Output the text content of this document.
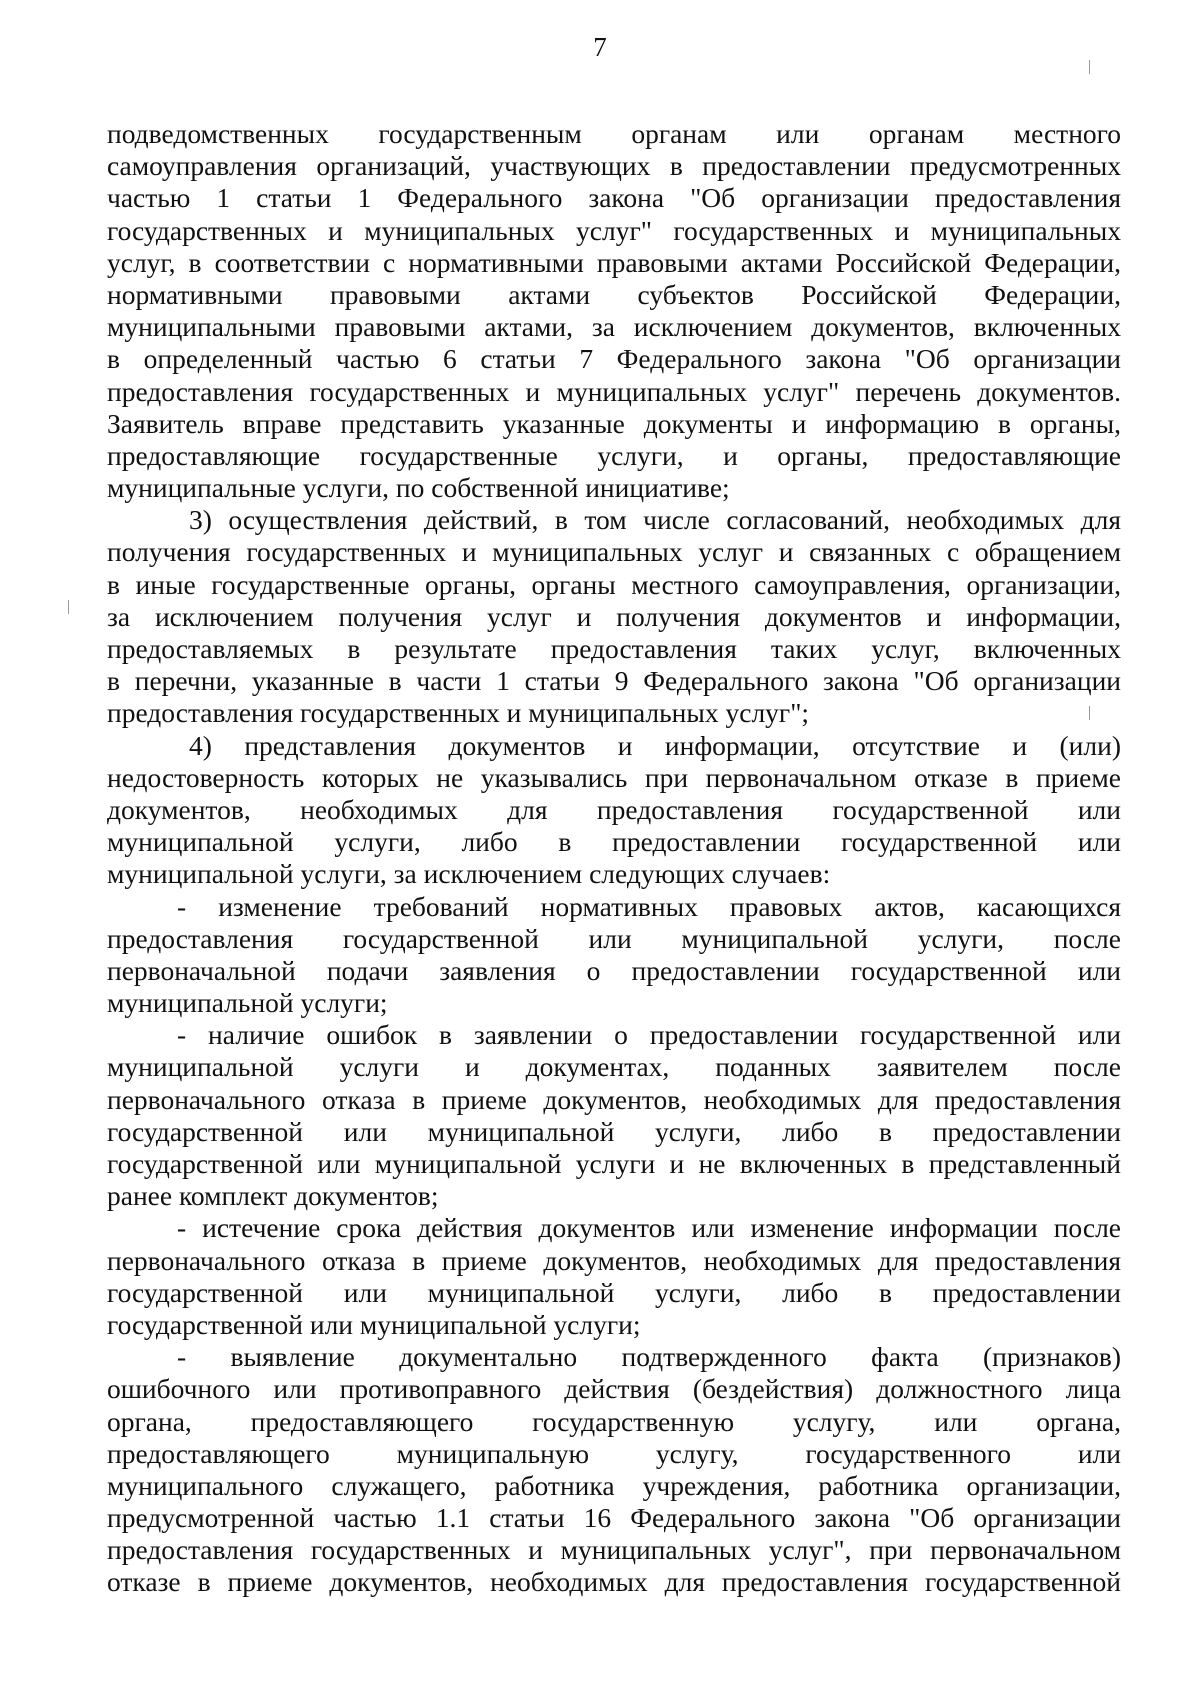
7
подведомственных государственным органам или органам местного
самоуправления организаций, участвующих в предоставлении предусмотренных
частью 1 статьи 1 Федерального закона "Об организации предоставления
государственных и муниципальных услуг" государственных и муниципальных
услуг, в соответствии с нормативными правовыми актами Российской Федерации,
нормативными правовыми актами субъектов Российской Федерации,
муниципальными правовыми актами, за исключением документов, включенных
в определенный частью 6 статьи 7 Федерального закона "Об организации
предоставления государственных и муниципальных услуг" перечень документов.
Заявитель вправе представить указанные документы и информацию в органы,
предоставляющие государственные услуги, и органы, предоставляющие
муниципальные услуги, по собственной инициативе;
3) осуществления действий, в том числе согласований, необходимых для
получения государственных и муниципальных услуг и связанных с обращением
в иные государственные органы, органы местного самоуправления, организации,
за исключением получения услуг и получения документов и информации,
предоставляемых в результате предоставления таких услуг, включенных
в перечни, указанные в части 1 статьи 9 Федерального закона "Об организации
предоставления государственных и муниципальных услуг";
4) представления документов и информации, отсутствие и (или)
недостоверность которых не указывались при первоначальном отказе в приеме
документов, необходимых для предоставления государственной или
муниципальной услуги, либо в предоставлении государственной или
муниципальной услуги, за исключением следующих случаев:
- изменение требований нормативных правовых актов, касающихся
предоставления государственной или муниципальной услуги, после
первоначальной подачи заявления о предоставлении государственной или
муниципальной услуги;
- наличие ошибок в заявлении о предоставлении государственной или
муниципальной услуги и документах, поданных заявителем после
первоначального отказа в приеме документов, необходимых для предоставления
государственной или муниципальной услуги, либо в предоставлении
государственной или муниципальной услуги и не включенных в представленный
ранее комплект документов;
- истечение срока действия документов или изменение информации после
первоначального отказа в приеме документов, необходимых для предоставления
государственной или муниципальной услуги, либо в предоставлении
государственной или муниципальной услуги;
- выявление документально подтвержденного факта (признаков)
ошибочного или противоправного действия (бездействия) должностного лица
органа, предоставляющего государственную услугу, или органа,
предоставляющего муниципальную услугу, государственного или
муниципального служащего, работника учреждения, работника организации,
предусмотренной частью 1.1 статьи 16 Федерального закона "Об организации
предоставления государственных и муниципальных услуг", при первоначальном
отказе в приеме документов, необходимых для предоставления государственной
